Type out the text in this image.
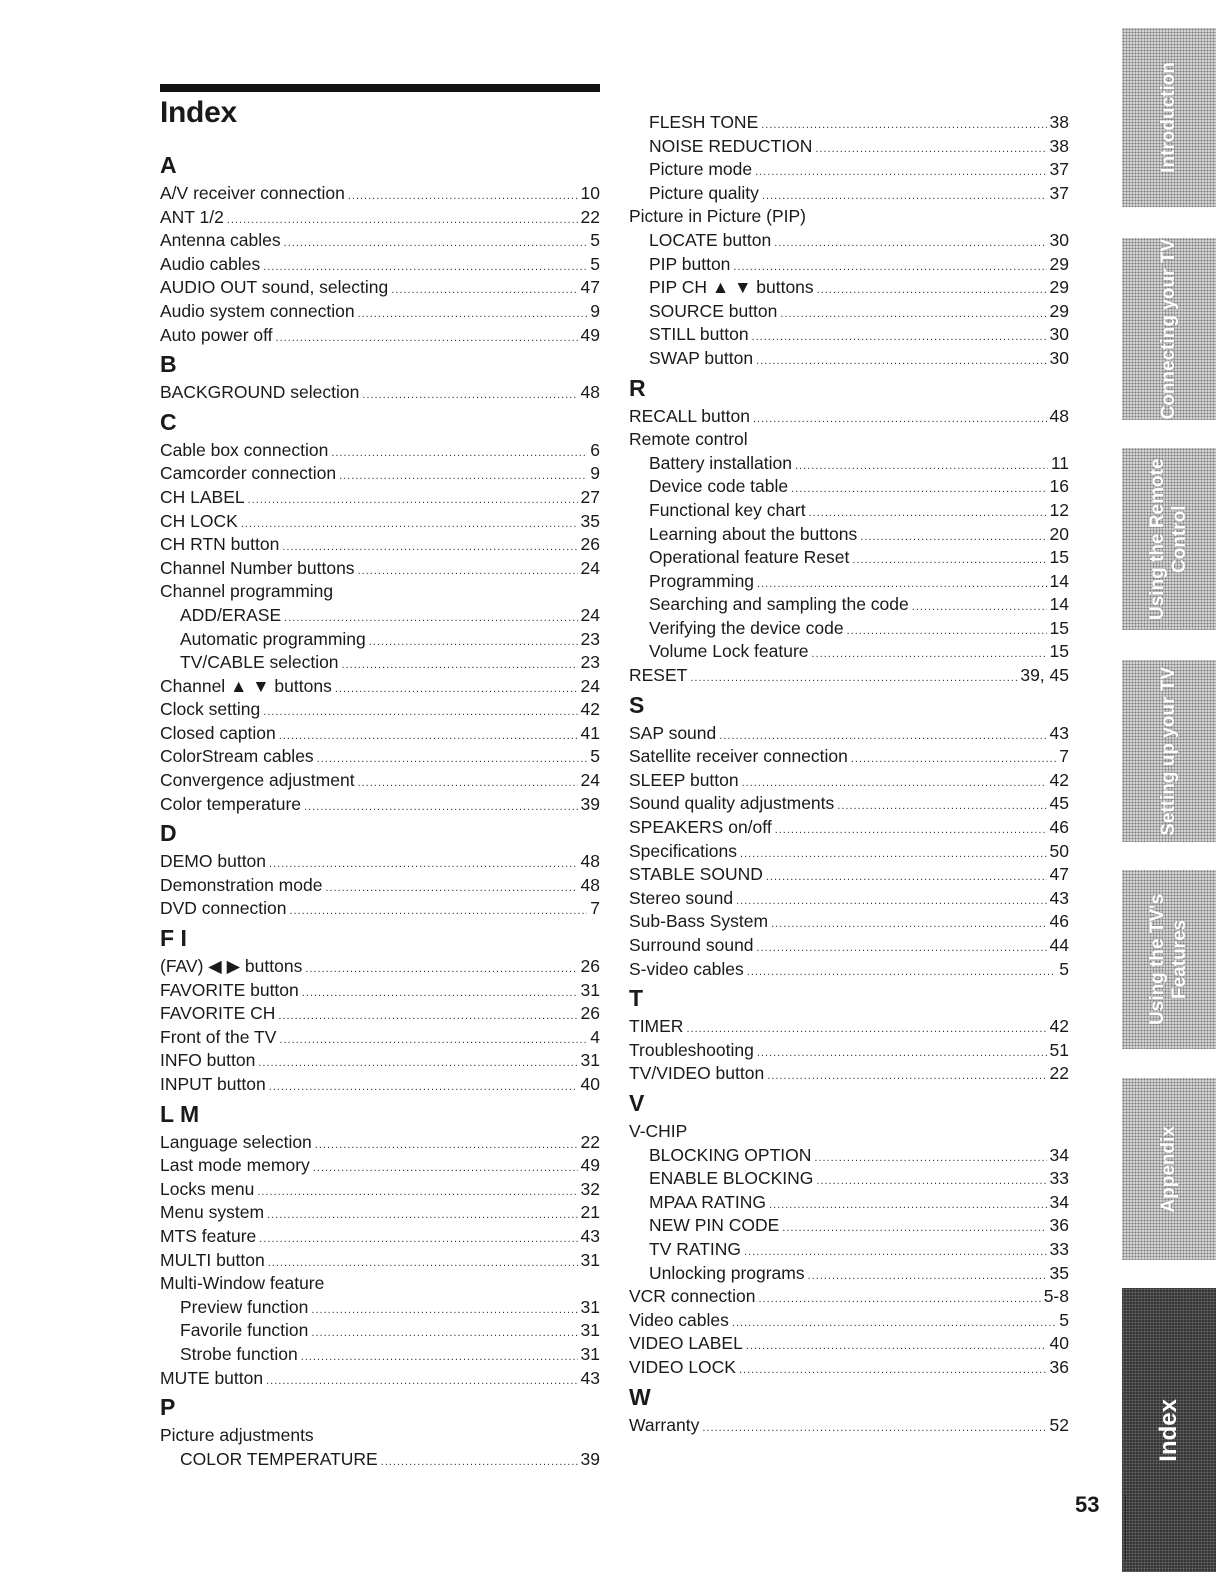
Index
A
A/V receiver connection .....	10
ANT 1/2 .....	22
Antenna cables .....	5
Audio cables .....	5
AUDIO OUT sound, selecting .....	47
Audio system connection .....	9
Auto power off .....	49
B
BACKGROUND selection .....	48
C
Cable box connection .....	6
Camcorder connection .....	9
CH LABEL .....	27
CH LOCK .....	35
CH RTN button .....	26
Channel Number buttons .....	24
Channel programming
ADD/ERASE .....	24
Automatic programming .....	23
TV/CABLE selection .....	23
Channel ▲ ▼ buttons .....	24
Clock setting .....	42
Closed caption .....	41
ColorStream cables .....	5
Convergence adjustment .....	24
Color temperature .....	39
D
DEMO button .....	48
Demonstration mode .....	48
DVD connection .....	7
F I
(FAV) ◀ ▶ buttons .....	26
FAVORITE button .....	31
FAVORITE CH .....	26
Front of the TV .....	4
INFO button .....	31
INPUT button .....	40
L M
Language selection .....	22
Last mode memory .....	49
Locks menu .....	32
Menu system .....	21
MTS feature .....	43
MULTI button .....	31
Multi-Window feature
Preview function .....	31
Favorile function .....	31
Strobe function .....	31
MUTE button .....	43
P
Picture adjustments
COLOR TEMPERATURE .....	39
FLESH TONE .....	38
NOISE REDUCTION .....	38
Picture mode .....	37
Picture quality .....	37
Picture in Picture (PIP)
LOCATE button .....	30
PIP button .....	29
PIP CH ▲ ▼ buttons .....	29
SOURCE button .....	29
STILL button .....	30
SWAP button .....	30
R
RECALL button .....	48
Remote control
Battery installation .....	11
Device code table .....	16
Functional key chart .....	12
Learning about the buttons .....	20
Operational feature Reset .....	15
Programming .....	14
Searching and sampling the code .....	14
Verifying the device code .....	15
Volume Lock feature .....	15
RESET .....	39, 45
S
SAP sound .....	43
Satellite receiver connection .....	7
SLEEP button .....	42
Sound quality adjustments .....	45
SPEAKERS on/off .....	46
Specifications .....	50
STABLE SOUND .....	47
Stereo sound .....	43
Sub-Bass System .....	46
Surround sound .....	44
S-video cables .....	5
T
TIMER .....	42
Troubleshooting .....	51
TV/VIDEO button .....	22
V
V-CHIP
BLOCKING OPTION .....	34
ENABLE BLOCKING .....	33
MPAA RATING .....	34
NEW PIN CODE .....	36
TV RATING .....	33
Unlocking programs .....	35
VCR connection .....	5-8
Video cables .....	5
VIDEO LABEL .....	40
VIDEO LOCK .....	36
W
Warranty .....	52
Introduction
Connecting your TV
Using the Remote Control
Setting up your TV
Using the TV's Features
Appendix
Index
53
